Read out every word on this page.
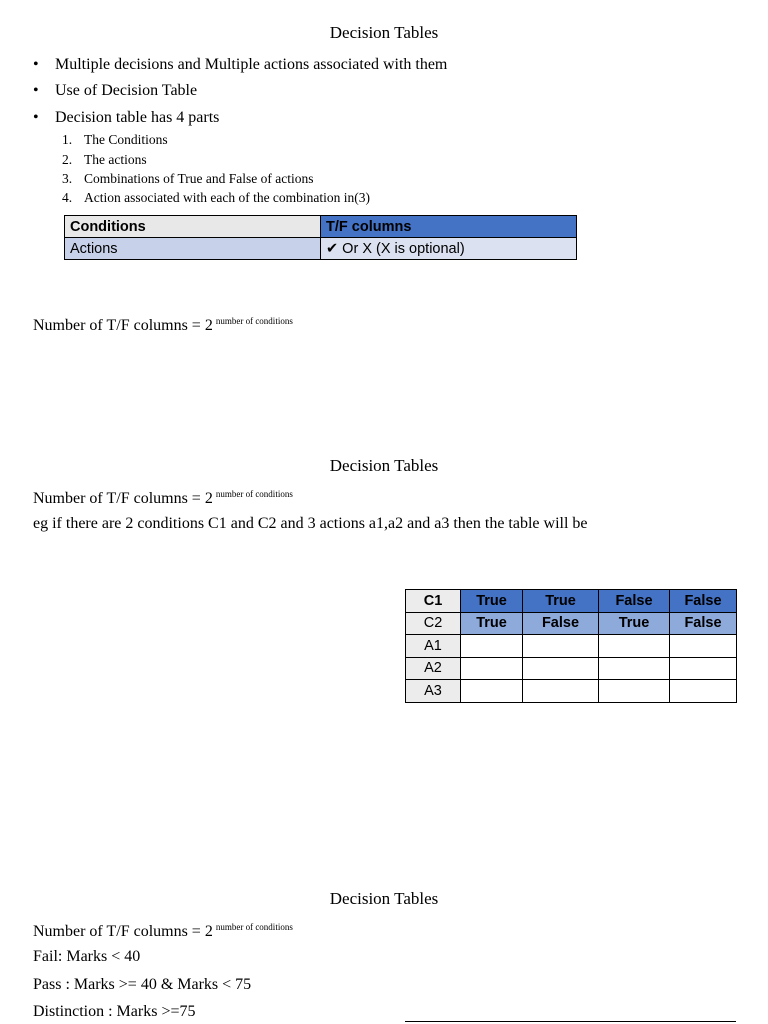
Decision Tables
• Multiple decisions and Multiple actions associated with them
• Use of Decision Table
• Decision table has 4 parts
1. The Conditions
2. The actions
3. Combinations of True and False of actions
4. Action associated with each of the combination in(3)
Conditions	T/F columns
Actions	✔ Or X (X is optional)
Number of T/F columns = 2 $^{number of conditions}$
Decision Tables
Number of T/F columns = 2 $^{number of conditions}$
eg if there are 2 conditions C1 and C2 and 3 actions a1,a2 and a3 then the table will be
C1	True	True	False	False
C2	True	False	True	False
A1				
A2				
A3				
Decision Tables
Number of T/F columns = 2 $^{number of conditions}$
Fail: Marks < 40
Pass : Marks >= 40 & Marks < 75
Distinction : Marks >=75
